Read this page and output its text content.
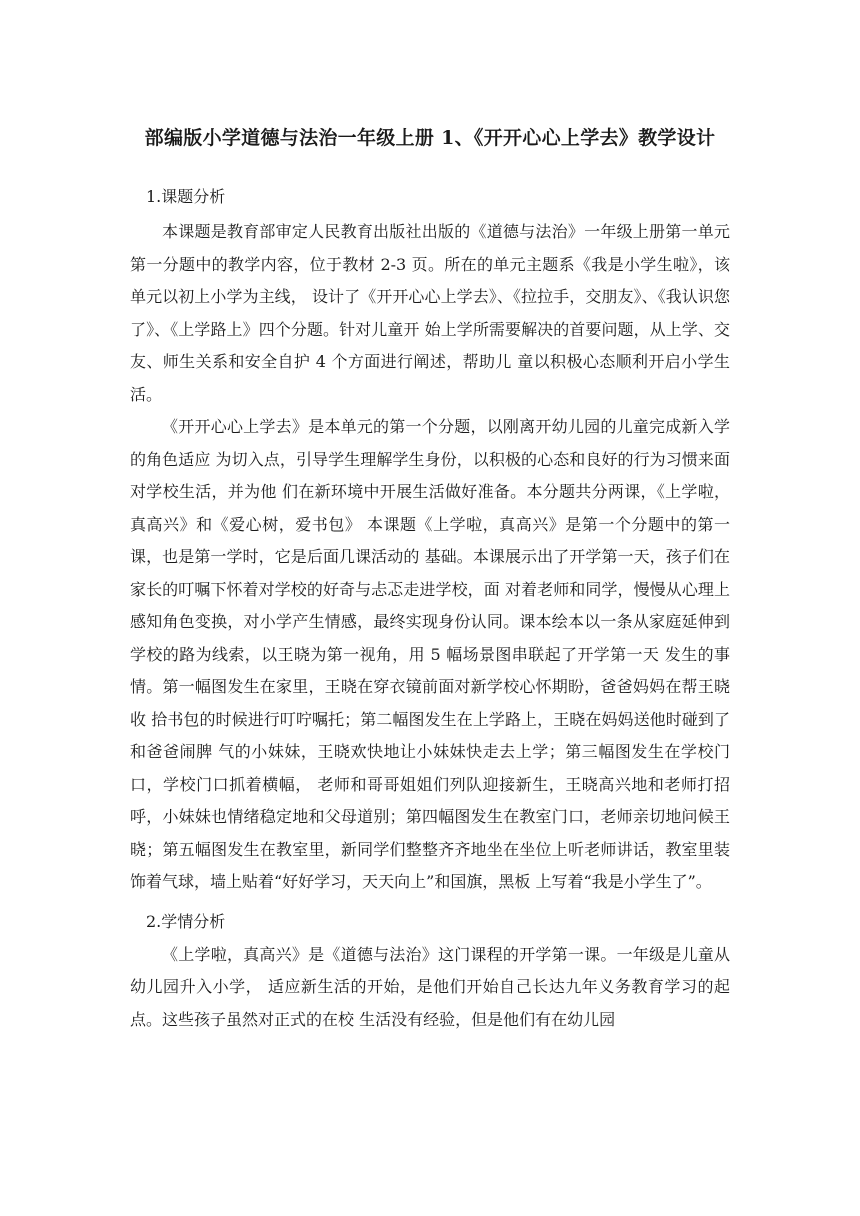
部编版小学道德与法治一年级上册 1、《开开心心上学去》教学设计

1.课题分析

本课题是教育部审定人民教育出版社出版的《道德与法治》一年级上册第一单元第一分题中的教学内容，位于教材 2-3 页。所在的单元主题系《我是小学生啦》，该单元以初上小学为主线， 设计了《开开心心上学去》、《拉拉手，交朋友》、《我认识您了》、《上学路上》四个分题。针对儿童开 始上学所需要解决的首要问题，从上学、交友、师生关系和安全自护 4 个方面进行阐述，帮助儿 童以积极心态顺利开启小学生活。

《开开心心上学去》是本单元的第一个分题，以刚离开幼儿园的儿童完成新入学的角色适应 为切入点，引导学生理解学生身份，以积极的心态和良好的行为习惯来面对学校生活，并为他 们在新环境中开展生活做好准备。本分题共分两课，《上学啦，真高兴》和《爱心树，爱书包》 本课题《上学啦，真高兴》是第一个分题中的第一课，也是第一学时，它是后面几课活动的 基础。本课展示出了开学第一天，孩子们在家长的叮嘱下怀着对学校的好奇与忐忑走进学校，面 对着老师和同学，慢慢从心理上感知角色变换，对小学产生情感，最终实现身份认同。课本绘本以一条从家庭延伸到学校的路为线索，以王晓为第一视角，用 5 幅场景图串联起了开学第一天 发生的事情。第一幅图发生在家里，王晓在穿衣镜前面对新学校心怀期盼，爸爸妈妈在帮王晓收 拾书包的时候进行叮咛嘱托；第二幅图发生在上学路上，王晓在妈妈送他时碰到了和爸爸闹脾 气的小妹妹，王晓欢快地让小妹妹快走去上学；第三幅图发生在学校门口，学校门口抓着横幅， 老师和哥哥姐姐们列队迎接新生，王晓高兴地和老师打招呼，小妹妹也情绪稳定地和父母道别；第四幅图发生在教室门口，老师亲切地问候王晓；第五幅图发生在教室里，新同学们整整齐齐地坐在坐位上听老师讲话，教室里装饰着气球，墙上贴着“好好学习，天天向上”和国旗，黑板 上写着“我是小学生了”。

2.学情分析

《上学啦，真高兴》是《道德与法治》这门课程的开学第一课。一年级是儿童从幼儿园升入小学， 适应新生活的开始，是他们开始自己长达九年义务教育学习的起点。这些孩子虽然对正式的在校 生活没有经验，但是他们有在幼儿园
